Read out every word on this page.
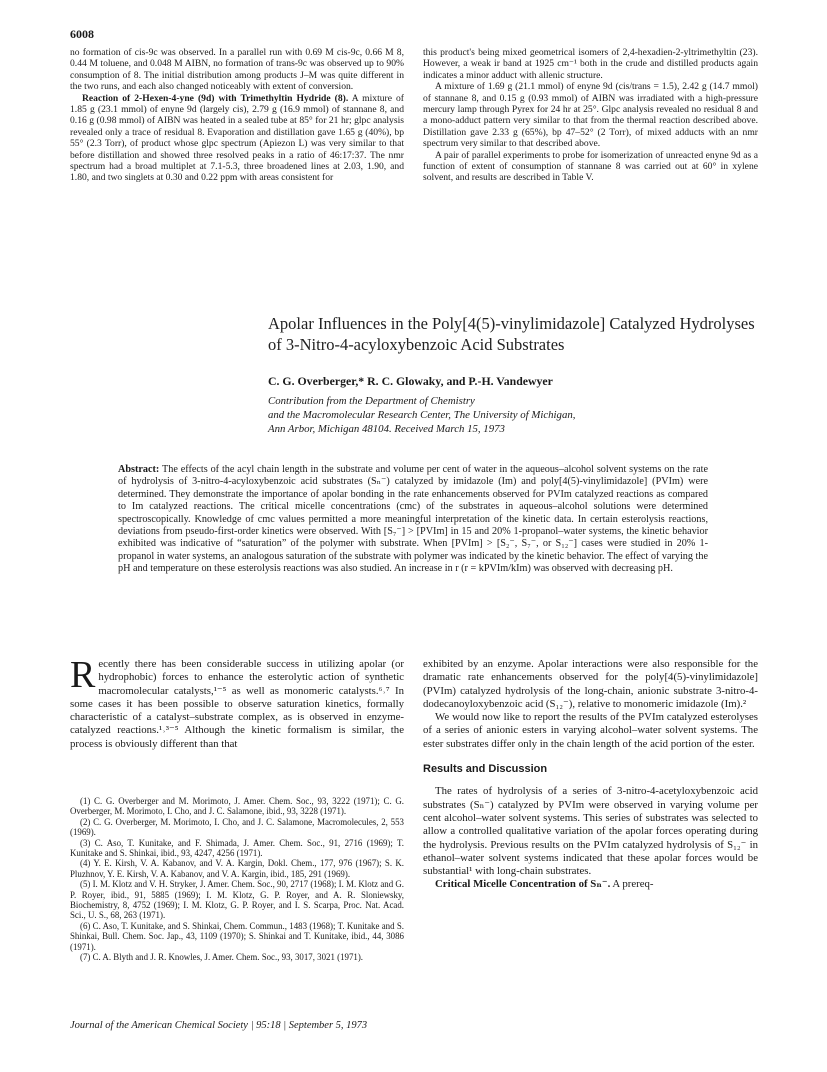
6008

no formation of cis-9c was observed. In a parallel run with 0.69 M cis-9c, 0.66 M 8, 0.44 M toluene, and 0.048 M AIBN, no formation of trans-9c was observed up to 90% consumption of 8. The initial distribution among products J–M was quite different in the two runs, and each also changed noticeably with extent of conversion.

Reaction of 2-Hexen-4-yne (9d) with Trimethyltin Hydride (8). A mixture of 1.85 g (23.1 mmol) of enyne 9d (largely cis), 2.79 g (16.9 mmol) of stannane 8, and 0.16 g (0.98 mmol) of AIBN was heated in a sealed tube at 85° for 21 hr; glpc analysis revealed only a trace of residual 8. Evaporation and distillation gave 1.65 g (40%), bp 55° (2.3 Torr), of product whose glpc spectrum (Apiezon L) was very similar to that before distillation and showed three resolved peaks in a ratio of 46:17:37. The nmr spectrum had a broad multiplet at 7.1-5.3, three broadened lines at 2.03, 1.90, and 1.80, and two singlets at 0.30 and 0.22 ppm with areas consistent for

this product's being mixed geometrical isomers of 2,4-hexadien-2-yltrimethyltin (23). However, a weak ir band at 1925 cm⁻¹ both in the crude and distilled products again indicates a minor adduct with allenic structure.

A mixture of 1.69 g (21.1 mmol) of enyne 9d (cis/trans = 1.5), 2.42 g (14.7 mmol) of stannane 8, and 0.15 g (0.93 mmol) of AIBN was irradiated with a high-pressure mercury lamp through Pyrex for 24 hr at 25°. Glpc analysis revealed no residual 8 and a mono-adduct pattern very similar to that from the thermal reaction described above. Distillation gave 2.33 g (65%), bp 47–52° (2 Torr), of mixed adducts with an nmr spectrum very similar to that described above.

A pair of parallel experiments to probe for isomerization of unreacted enyne 9d as a function of extent of consumption of stannane 8 was carried out at 60° in xylene solvent, and results are described in Table V.

Apolar Influences in the Poly[4(5)-vinylimidazole] Catalyzed Hydrolyses of 3-Nitro-4-acyloxybenzoic Acid Substrates
C. G. Overberger,* R. C. Glowaky, and P.-H. Vandewyer
Contribution from the Department of Chemistry
and the Macromolecular Research Center, The University of Michigan,
Ann Arbor, Michigan 48104. Received March 15, 1973
Abstract: The effects of the acyl chain length in the substrate and volume per cent of water in the aqueous–alcohol solvent systems on the rate of hydrolysis of 3-nitro-4-acyloxybenzoic acid substrates (Sₙ⁻) catalyzed by imidazole (Im) and poly[4(5)-vinylimidazole] (PVIm) were determined. They demonstrate the importance of apolar bonding in the rate enhancements observed for PVIm catalyzed reactions as compared to Im catalyzed reactions. The critical micelle concentrations (cmc) of the substrates in aqueous–alcohol solutions were determined spectroscopically. Knowledge of cmc values permitted a more meaningful interpretation of the kinetic data. In certain esterolysis reactions, deviations from pseudo-first-order kinetics were observed. With [S₇⁻] > [PVIm] in 15 and 20% 1-propanol–water systems, the kinetic behavior exhibited was indicative of “saturation” of the polymer with substrate. When [PVIm] > [S₂⁻, S₇⁻, or S₁₂⁻] cases were studied in 20% 1-propanol in water systems, an analogous saturation of the substrate with polymer was indicated by the kinetic behavior. The effect of varying the pH and temperature on these esterolysis reactions was also studied. An increase in r (r = kPVIm/kIm) was observed with decreasing pH.
R ecently there has been considerable success in utilizing apolar (or hydrophobic) forces to enhance the esterolytic action of synthetic macromolecular catalysts,¹⁻⁵ as well as monomeric catalysts.⁶˒⁷ In some cases it has been possible to observe saturation kinetics, formally characteristic of a catalyst–substrate complex, as is observed in enzyme-catalyzed reactions.¹˒³⁻⁵ Although the kinetic formalism is similar, the process is obviously different than that

(1) C. G. Overberger and M. Morimoto, J. Amer. Chem. Soc., 93, 3222 (1971); C. G. Overberger, M. Morimoto, I. Cho, and J. C. Salamone, ibid., 93, 3228 (1971).

(2) C. G. Overberger, M. Morimoto, I. Cho, and J. C. Salamone, Macromolecules, 2, 553 (1969).

(3) C. Aso, T. Kunitake, and F. Shimada, J. Amer. Chem. Soc., 91, 2716 (1969); T. Kunitake and S. Shinkai, ibid., 93, 4247, 4256 (1971).

(4) Y. E. Kirsh, V. A. Kabanov, and V. A. Kargin, Dokl. Chem., 177, 976 (1967); S. K. Pluzhnov, Y. E. Kirsh, V. A. Kabanov, and V. A. Kargin, ibid., 185, 291 (1969).

(5) I. M. Klotz and V. H. Stryker, J. Amer. Chem. Soc., 90, 2717 (1968); I. M. Klotz and G. P. Royer, ibid., 91, 5885 (1969); I. M. Klotz, G. P. Royer, and A. R. Sloniewsky, Biochemistry, 8, 4752 (1969); I. M. Klotz, G. P. Royer, and I. S. Scarpa, Proc. Nat. Acad. Sci., U. S., 68, 263 (1971).

(6) C. Aso, T. Kunitake, and S. Shinkai, Chem. Commun., 1483 (1968); T. Kunitake and S. Shinkai, Bull. Chem. Soc. Jap., 43, 1109 (1970); S. Shinkai and T. Kunitake, ibid., 44, 3086 (1971).

(7) C. A. Blyth and J. R. Knowles, J. Amer. Chem. Soc., 93, 3017, 3021 (1971).

exhibited by an enzyme. Apolar interactions were also responsible for the dramatic rate enhancements observed for the poly[4(5)-vinylimidazole] (PVIm) catalyzed hydrolysis of the long-chain, anionic substrate 3-nitro-4-dodecanoyloxybenzoic acid (S₁₂⁻), relative to monomeric imidazole (Im).²

We would now like to report the results of the PVIm catalyzed esterolyses of a series of anionic esters in varying alcohol–water solvent systems. The ester substrates differ only in the chain length of the acid portion of the ester.

Results and Discussion

The rates of hydrolysis of a series of 3-nitro-4-acetyloxybenzoic acid substrates (Sₙ⁻) catalyzed by PVIm were observed in varying volume per cent alcohol–water solvent systems. This series of substrates was selected to allow a controlled qualitative variation of the apolar forces operating during the hydrolysis. Previous results on the PVIm catalyzed hydrolysis of S₁₂⁻ in ethanol–water solvent systems indicated that these apolar forces would be substantial¹ with long-chain substrates.

Critical Micelle Concentration of Sₙ⁻. A prereq-

Journal of the American Chemical Society | 95:18 | September 5, 1973
